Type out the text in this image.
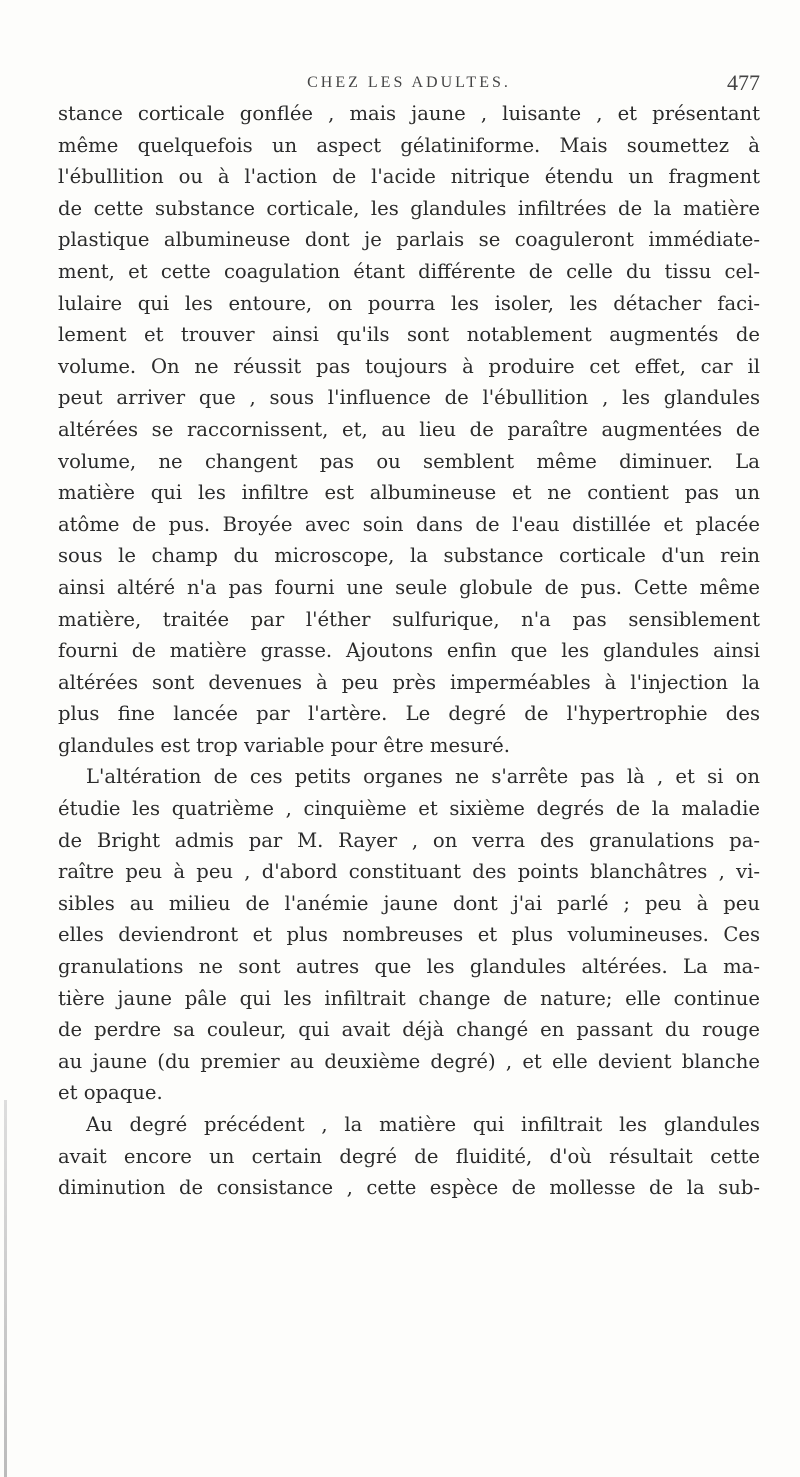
CHEZ LES ADULTES.	477
stance corticale gonflée , mais jaune , luisante , et présentant
même quelquefois un aspect gélatiniforme. Mais soumettez à
l'ébullition ou à l'action de l'acide nitrique étendu un fragment
de cette substance corticale, les glandules infiltrées de la matière
plastique albumineuse dont je parlais se coaguleront immédiate-
ment, et cette coagulation étant différente de celle du tissu cel-
lulaire qui les entoure, on pourra les isoler, les détacher faci-
lement et trouver ainsi qu'ils sont notablement augmentés de
volume. On ne réussit pas toujours à produire cet effet, car il
peut arriver que , sous l'influence de l'ébullition , les glandules
altérées se raccornissent, et, au lieu de paraître augmentées de
volume, ne changent pas ou semblent même diminuer. La
matière qui les infiltre est albumineuse et ne contient pas un
atôme de pus. Broyée avec soin dans de l'eau distillée et placée
sous le champ du microscope, la substance corticale d'un rein
ainsi altéré n'a pas fourni une seule globule de pus. Cette même
matière, traitée par l'éther sulfurique, n'a pas sensiblement
fourni de matière grasse. Ajoutons enfin que les glandules ainsi
altérées sont devenues à peu près imperméables à l'injection la
plus fine lancée par l'artère. Le degré de l'hypertrophie des
glandules est trop variable pour être mesuré.
L'altération de ces petits organes ne s'arrête pas là , et si on
étudie les quatrième , cinquième et sixième degrés de la maladie
de Bright admis par M. Rayer , on verra des granulations pa-
raître peu à peu , d'abord constituant des points blanchâtres , vi-
sibles au milieu de l'anémie jaune dont j'ai parlé ; peu à peu
elles deviendront et plus nombreuses et plus volumineuses. Ces
granulations ne sont autres que les glandules altérées. La ma-
tière jaune pâle qui les infiltrait change de nature; elle continue
de perdre sa couleur, qui avait déjà changé en passant du rouge
au jaune (du premier au deuxième degré) , et elle devient blanche
et opaque.
Au degré précédent , la matière qui infiltrait les glandules
avait encore un certain degré de fluidité, d'où résultait cette
diminution de consistance , cette espèce de mollesse de la sub-
